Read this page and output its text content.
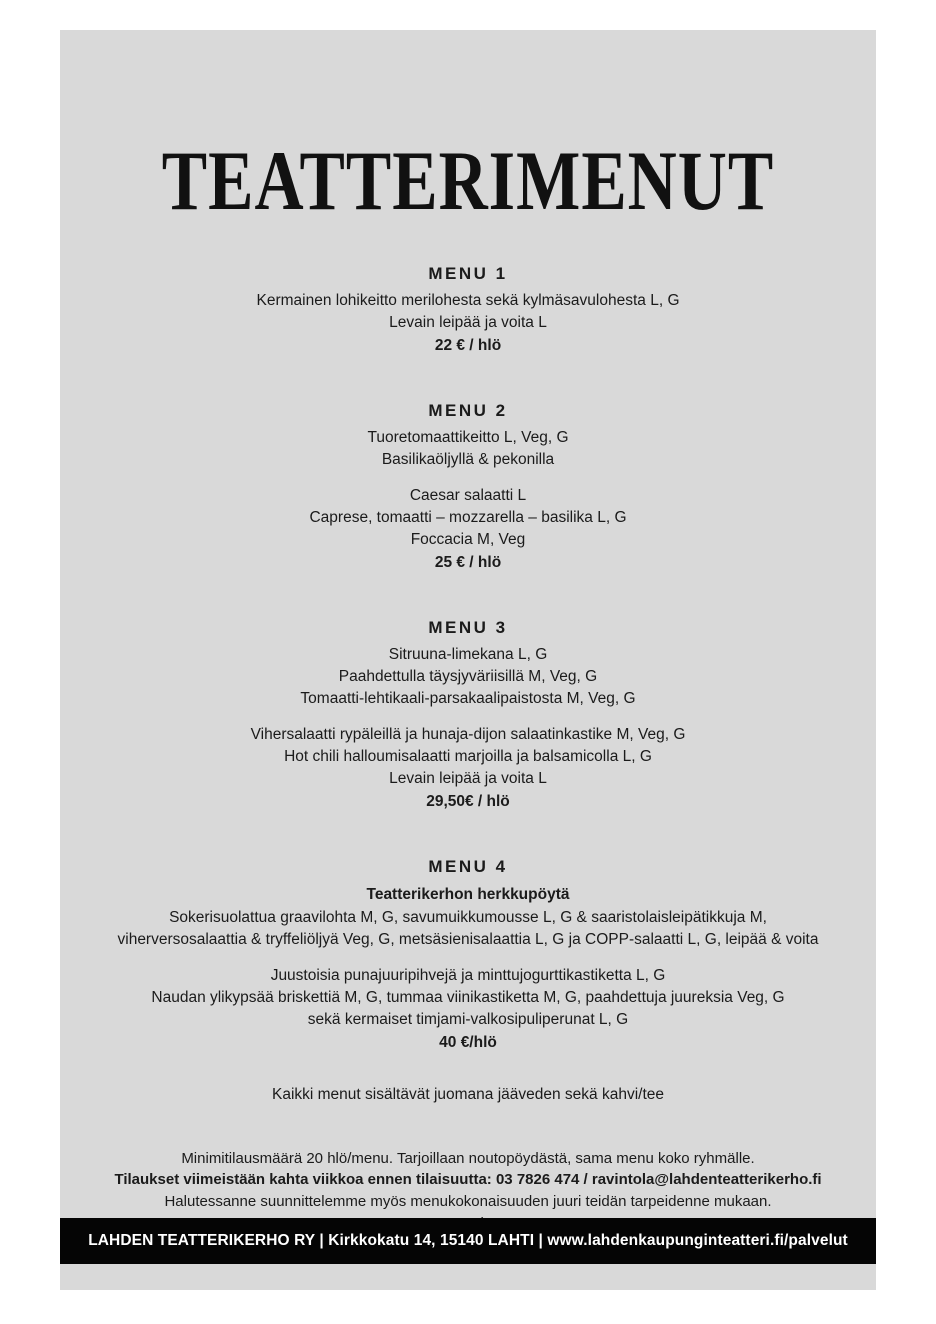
TEATTERIMENUT
MENU 1
Kermainen lohikeitto merilohesta sekä kylmäsavulohesta L, G
Levain leipää ja voita L
22 € / hlö
MENU 2
Tuoretomaattikeitto L, Veg, G
Basilikaöljyllä & pekonilla
Caesar salaatti L
Caprese, tomaatti – mozzarella – basilika L, G
Foccacia M, Veg
25 € / hlö
MENU 3
Sitruuna-limekana L, G
Paahdettulla täysjyväriisillä M, Veg, G
Tomaatti-lehtikaali-parsakaalipaistosta M, Veg, G
Vihersalaatti rypäleillä ja hunaja-dijon salaatinkastike M, Veg, G
Hot chili halloumisalaatti marjoilla ja balsamicolla L, G
Levain leipää ja voita L
29,50€ / hlö
MENU 4
Teatterikerhon herkkupöytä
Sokerisuolattua graavilohta M, G, savumuikkumousse L, G & saaristolaisleipätikkuja M,
viherversosalaattia & tryffeliöljyä Veg, G, metsäsienisalaattia L, G ja COPP-salaatti L, G, leipää & voita
Juustoisia punajuuripihvejä ja minttujogurttikastiketta L, G
Naudan ylikypsää briskettiä M, G, tummaa viinikastiketta M, G, paahdettuja juureksia Veg, G
sekä kermaiset timjami-valkosipuliperunat L, G
40 €/hlö
Kaikki menut sisältävät juomana jääveden sekä kahvi/tee
Minimitilausmäärä 20 hlö/menu. Tarjoillaan noutopöydästä, sama menu koko ryhmälle.
Tilaukset viimeistään kahta viikkoa ennen tilaisuutta: 03 7826 474 / ravintola@lahdenteatterikerho.fi
Halutessanne suunnittelemme myös menukokonaisuuden juuri teidän tarpeidenne mukaan.
LAHDEN TEATTERIKERHO RY | Kirkkokatu 14, 15140 LAHTI | www.lahdenkaupunginteatteri.fi/palvelut
